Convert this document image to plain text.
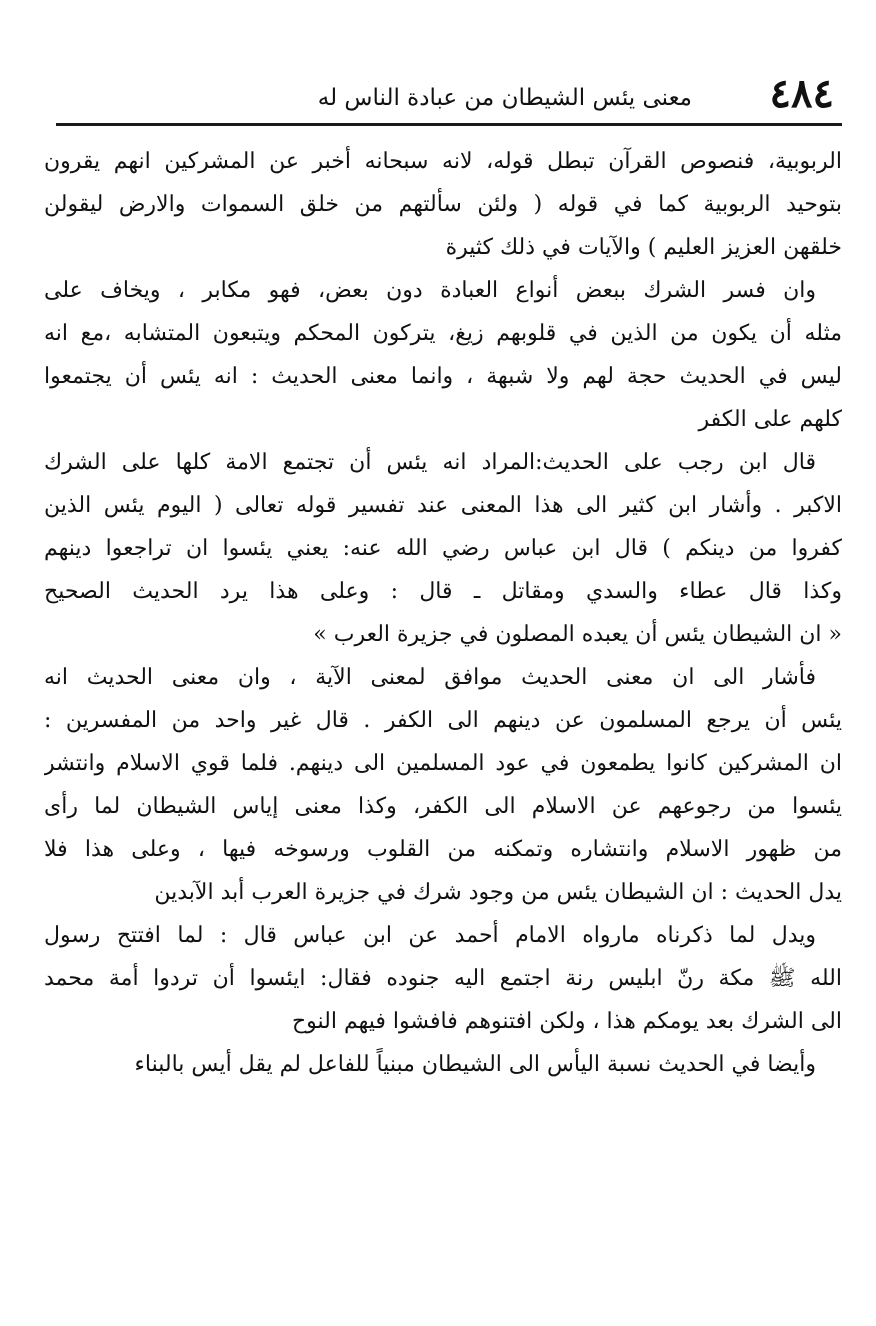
٤٨٤
معنى يئس الشيطان من عبادة الناس له
الربوبية، فنصوص القرآن تبطل قوله، لانه سبحانه أخبر عن المشركين انهم يقرون
بتوحيد الربوبية كما في قوله ( ولئن سألتهم من خلق السموات والارض ليقولن
خلقهن العزيز العليم ) والآيات في ذلك كثيرة
وان فسر الشرك ببعض أنواع العبادة دون بعض، فهو مكابر ، ويخاف على
مثله أن يكون من الذين في قلوبهم زيغ، يتركون المحكم ويتبعون المتشابه ،مع انه
ليس في الحديث حجة لهم ولا شبهة ، وانما معنى الحديث : انه يئس أن يجتمعوا
كلهم على الكفر
قال ابن رجب على الحديث:المراد انه يئس أن تجتمع الامة كلها على الشرك
الاكبر . وأشار ابن كثير الى هذا المعنى عند تفسير قوله تعالى ( اليوم يئس الذين
كفروا من دينكم ) قال ابن عباس رضي الله عنه: يعني يئسوا ان تراجعوا دينهم
وكذا قال عطاء والسدي ومقاتل ـ قال : وعلى هذا يرد الحديث الصحيح
« ان الشيطان يئس أن يعبده المصلون في جزيرة العرب »
فأشار الى ان معنى الحديث موافق لمعنى الآية ، وان معنى الحديث انه
يئس أن يرجع المسلمون عن دينهم الى الكفر . قال غير واحد من المفسرين :
ان المشركين كانوا يطمعون في عود المسلمين الى دينهم. فلما قوي الاسلام وانتشر
يئسوا من رجوعهم عن الاسلام الى الكفر، وكذا معنى إياس الشيطان لما رأى
من ظهور الاسلام وانتشاره وتمكنه من القلوب ورسوخه فيها ، وعلى هذا فلا
يدل الحديث : ان الشيطان يئس من وجود شرك في جزيرة العرب أبد الآبدين
ويدل لما ذكرناه مارواه الامام أحمد عن ابن عباس قال : لما افتتح رسول
الله ﷺ مكة رنّ ابليس رنة اجتمع اليه جنوده فقال: ايئسوا أن تردوا أمة محمد
الى الشرك بعد يومكم هذا ، ولكن افتنوهم فافشوا فيهم النوح
وأيضا في الحديث نسبة اليأس الى الشيطان مبنياً للفاعل لم يقل أيس بالبناء
